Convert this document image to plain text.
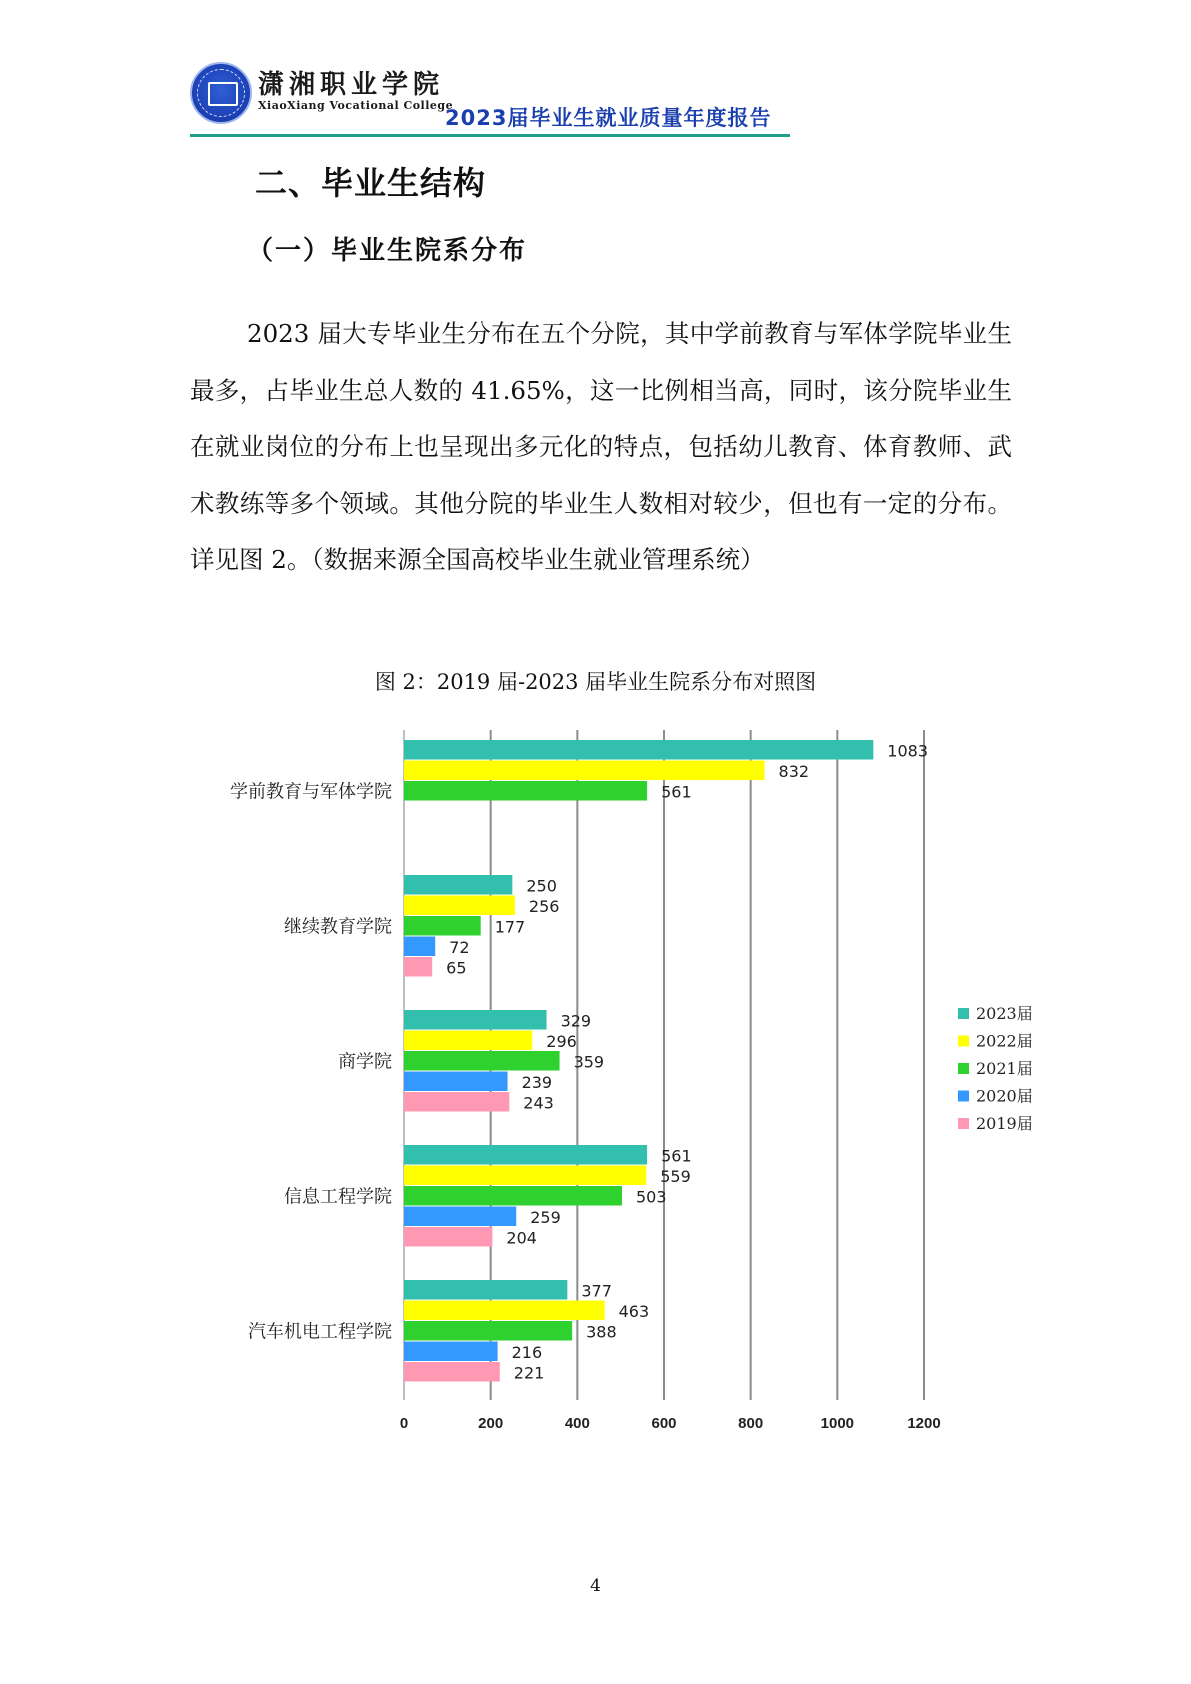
潇湘职业学院
XiaoXiang Vocational College
2023届毕业生就业质量年度报告
二、毕业生结构
（一）毕业生院系分布

2023 届大专毕业生分布在五个分院，其中学前教育与军体学院毕业生最多，占毕业生总人数的 41.65%，这一比例相当高，同时，该分院毕业生在就业岗位的分布上也呈现出多元化的特点，包括幼儿教育、体育教师、武术教练等多个领域。其他分院的毕业生人数相对较少，但也有一定的分布。详见图 2。（数据来源全国高校毕业生就业管理系统）

图 2：2019 届-2023 届毕业生院系分布对照图
0	200	400	600	800	1000	1200
学前教育与军体学院
1083
832
561
继续教育学院
250
256
177
72
65
商学院
329
296
359
239
243
信息工程学院
561
559
503
259
204
汽车机电工程学院
377
463
388
216
221
2023届
2022届
2021届
2020届
2019届
4
